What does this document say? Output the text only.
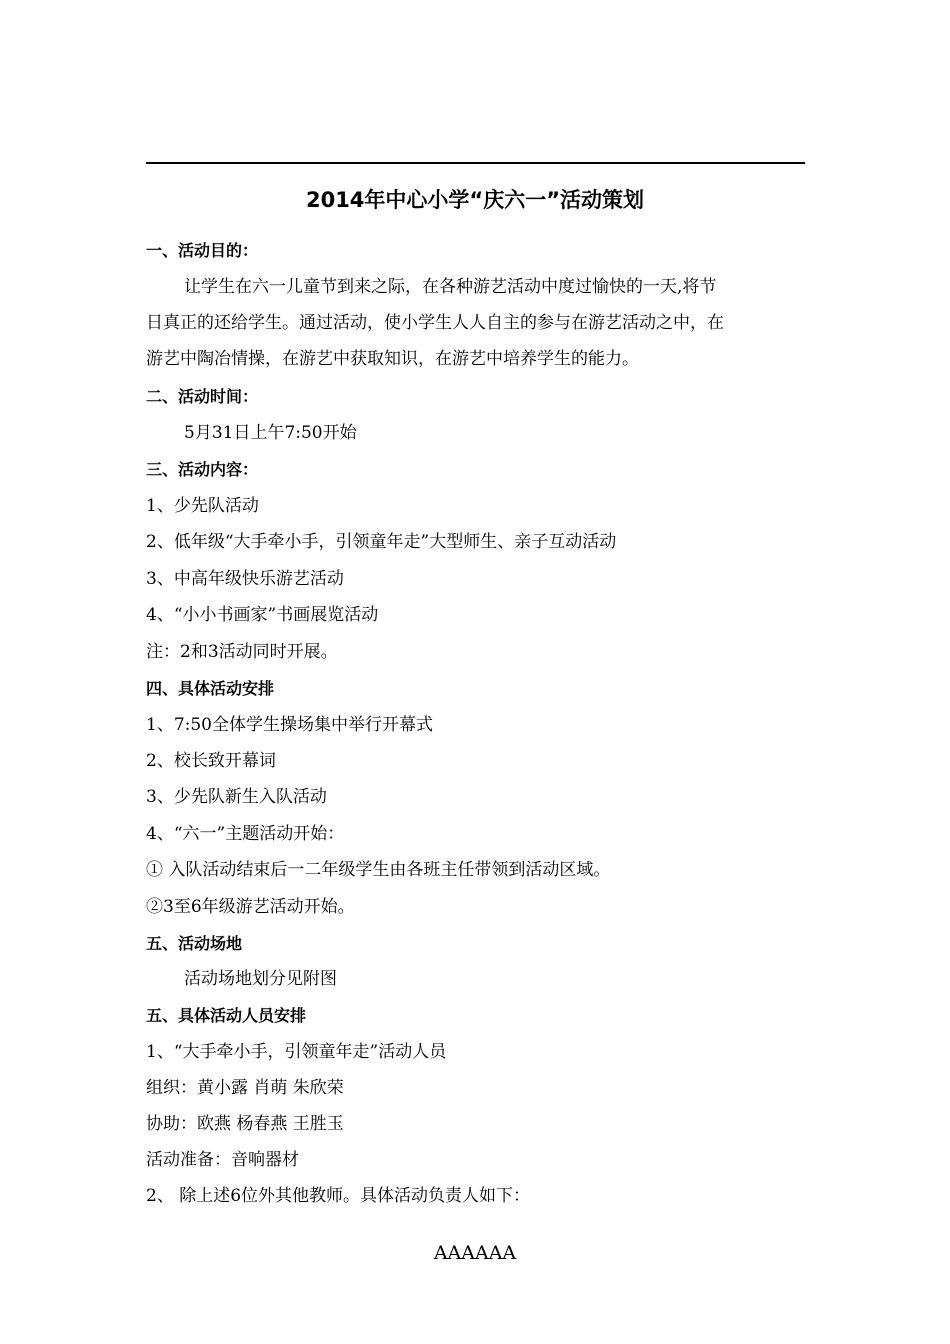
2014年中心小学“庆六一”活动策划
一、活动目的：
让学生在六一儿童节到来之际，在各种游艺活动中度过愉快的一天,将节
日真正的还给学生。通过活动，使小学生人人自主的参与在游艺活动之中，在
游艺中陶冶情操，在游艺中获取知识，在游艺中培养学生的能力。
二、活动时间：
5月31日上午7:50开始
三、活动内容：
1、少先队活动
2、低年级“大手牵小手，引领童年走”大型师生、亲子互动活动
3、中高年级快乐游艺活动
4、“小小书画家”书画展览活动
注：2和3活动同时开展。
四、具体活动安排
1、7:50全体学生操场集中举行开幕式
2、校长致开幕词
3、少先队新生入队活动
4、“六一”主题活动开始：
① 入队活动结束后一二年级学生由各班主任带领到活动区域。
②3至6年级游艺活动开始。
五、活动场地
活动场地划分见附图
五、具体活动人员安排
1、“大手牵小手，引领童年走”活动人员
组织：黄小露 肖萌 朱欣荣
协助：欧燕 杨春燕 王胜玉
活动准备：音响器材
2、 除上述6位外其他教师。具体活动负责人如下：
AAAAAA
